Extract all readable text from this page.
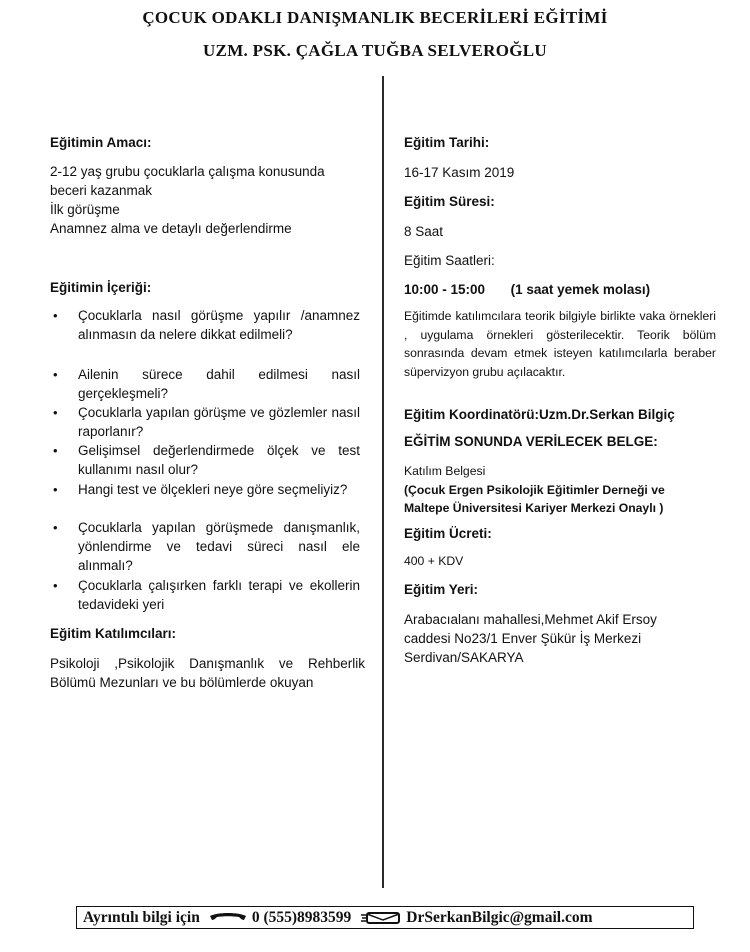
ÇOCUK ODAKLI DANIŞMANLIK BECERİLERİ EĞİTİMİ
UZM. PSK. ÇAĞLA TUĞBA SELVEROĞLU
Eğitimin Amacı:
2-12 yaş grubu çocuklarla çalışma konusunda
beceri kazanmak
İlk görüşme
Anamnez alma ve detaylı değerlendirme
Eğitimin İçeriği:
• Çocuklarla nasıl görüşme yapılır /anamnez alınmasın da nelere dikkat edilmeli?
• Ailenin sürece dahil edilmesi nasıl gerçekleşmeli?
• Çocuklarla yapılan görüşme ve gözlemler nasıl raporlanır?
• Gelişimsel değerlendirmede ölçek ve test kullanımı nasıl olur?
• Hangi test ve ölçekleri neye göre seçmeliyiz?
• Çocuklarla yapılan görüşmede danışmanlık, yönlendirme ve tedavi süreci nasıl ele alınmalı?
• Çocuklarla çalışırken farklı terapi ve ekollerin tedavideki yeri
Eğitim Katılımcıları:
Psikoloji ,Psikolojik Danışmanlık ve Rehberlik Bölümü Mezunları ve bu bölümlerde okuyan
Eğitim Tarihi:
16-17 Kasım 2019
Eğitim Süresi:
8 Saat
Eğitim Saatleri:
10:00 - 15:00 (1 saat yemek molası)
Eğitimde katılımcılara teorik bilgiyle birlikte vaka örnekleri , uygulama örnekleri gösterilecektir. Teorik bölüm sonrasında devam etmek isteyen katılımcılarla beraber süpervizyon grubu açılacaktır.
Eğitim Koordinatörü:Uzm.Dr.Serkan Bilgiç
EĞİTİM SONUNDA VERİLECEK BELGE:
Katılım Belgesi
(Çocuk Ergen Psikolojik Eğitimler Derneği ve
Maltepe Üniversitesi Kariyer Merkezi Onaylı )
Eğitim Ücreti:
400 + KDV
Eğitim Yeri:
Arabacıalanı mahallesi,Mehmet Akif Ersoy
caddesi No23/1 Enver Şükür İş Merkezi
Serdivan/SAKARYA
Ayrıntılı bilgi için	0 (555)8983599	DrSerkanBilgic@gmail.com
